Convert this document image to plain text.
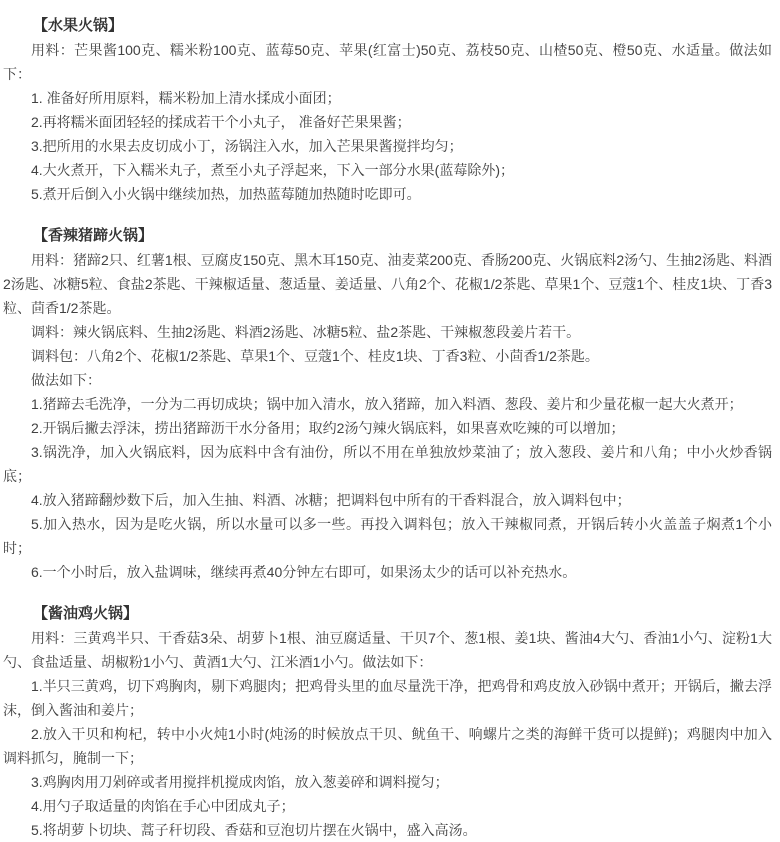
【水果火锅】

用料：芒果酱100克、糯米粉100克、蓝莓50克、苹果(红富士)50克、荔枝50克、山楂50克、橙50克、水适量。做法如下：

1. 准备好所用原料，糯米粉加上清水揉成小面团；

2.再将糯米面团轻轻的揉成若干个小丸子， 准备好芒果果酱；

3.把所用的水果去皮切成小丁，汤锅注入水，加入芒果果酱搅拌均匀；

4.大火煮开，下入糯米丸子，煮至小丸子浮起来，下入一部分水果(蓝莓除外)；

5.煮开后倒入小火锅中继续加热，加热蓝莓随加热随时吃即可。

【香辣猪蹄火锅】

用料：猪蹄2只、红薯1根、豆腐皮150克、黑木耳150克、油麦菜200克、香肠200克、火锅底料2汤勺、生抽2汤匙、料酒2汤匙、冰糖5粒、食盐2茶匙、干辣椒适量、葱适量、姜适量、八角2个、花椒1/2茶匙、草果1个、豆蔻1个、桂皮1块、丁香3粒、茴香1/2茶匙。

调料：辣火锅底料、生抽2汤匙、料酒2汤匙、冰糖5粒、盐2茶匙、干辣椒葱段姜片若干。

调料包：八角2个、花椒1/2茶匙、草果1个、豆蔻1个、桂皮1块、丁香3粒、小茴香1/2茶匙。

做法如下：

1.猪蹄去毛洗净，一分为二再切成块；锅中加入清水，放入猪蹄，加入料酒、葱段、姜片和少量花椒一起大火煮开；

2.开锅后撇去浮沫，捞出猪蹄沥干水分备用；取约2汤勺辣火锅底料，如果喜欢吃辣的可以增加；

3.锅洗净，加入火锅底料，因为底料中含有油份，所以不用在单独放炒菜油了；放入葱段、姜片和八角；中小火炒香锅底；

4.放入猪蹄翻炒数下后，加入生抽、料酒、冰糖；把调料包中所有的干香料混合，放入调料包中；

5.加入热水，因为是吃火锅，所以水量可以多一些。再投入调料包；放入干辣椒同煮，开锅后转小火盖盖子焖煮1个小时；

6.一个小时后，放入盐调味，继续再煮40分钟左右即可，如果汤太少的话可以补充热水。

【酱油鸡火锅】

用料：三黄鸡半只、干香菇3朵、胡萝卜1根、油豆腐适量、干贝7个、葱1根、姜1块、酱油4大勺、香油1小勺、淀粉1大勺、食盐适量、胡椒粉1小勺、黄酒1大勺、江米酒1小勺。做法如下：

1.半只三黄鸡，切下鸡胸肉，剔下鸡腿肉；把鸡骨头里的血尽量洗干净，把鸡骨和鸡皮放入砂锅中煮开；开锅后，撇去浮沫，倒入酱油和姜片；

2.放入干贝和枸杞，转中小火炖1小时(炖汤的时候放点干贝、鱿鱼干、响螺片之类的海鲜干货可以提鲜)；鸡腿肉中加入调料抓匀，腌制一下；

3.鸡胸肉用刀剁碎或者用搅拌机搅成肉馅，放入葱姜碎和调料搅匀；

4.用勺子取适量的肉馅在手心中团成丸子；

5.将胡萝卜切块、蒿子秆切段、香菇和豆泡切片摆在火锅中，盛入高汤。
